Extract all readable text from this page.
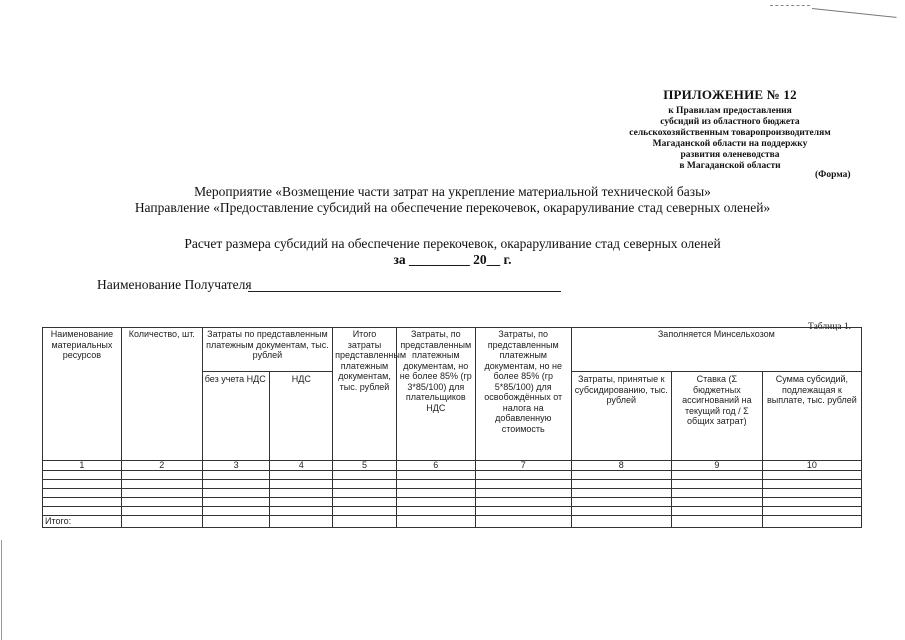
ПРИЛОЖЕНИЕ № 12
к Правилам предоставления
субсидий из областного бюджета
сельскохозяйственным товаропроизводителям
Магаданской области на поддержку
развития оленеводства
в Магаданской области
(Форма)
Мероприятие «Возмещение части затрат на укрепление материальной технической базы»
Направление «Предоставление субсидий на обеспечение перекочевок, окараруливание стад северных оленей»
Расчет размера субсидий на обеспечение перекочевок, окараруливание стад северных оленей
за _________ 20__ г.
Наименование Получателя
Таблица 1.
Наименование материальных ресурсов	Количество, шт.	Затраты по представленным платежным документам, тыс. рублей		Итого затраты представленным платежным документам, тыс. рублей	Затраты, по представленным платежным документам, но не более 85% (гр 3*85/100) для плательщиков НДС	Затраты, по представленным платежным документам, но не более 85% (гр 5*85/100) для освобождённых от налога на добавленную стоимость	Заполняется Минсельхозом		
		без учета НДС	НДС				Затраты, принятые к субсидированию, тыс. рублей	Ставка (Σ бюджетных ассигнований на текущий год / Σ общих затрат)	Сумма субсидий, подлежащая к выплате, тыс. рублей
1	2	3	4	5	6	7	8	9	10

Итого:									
